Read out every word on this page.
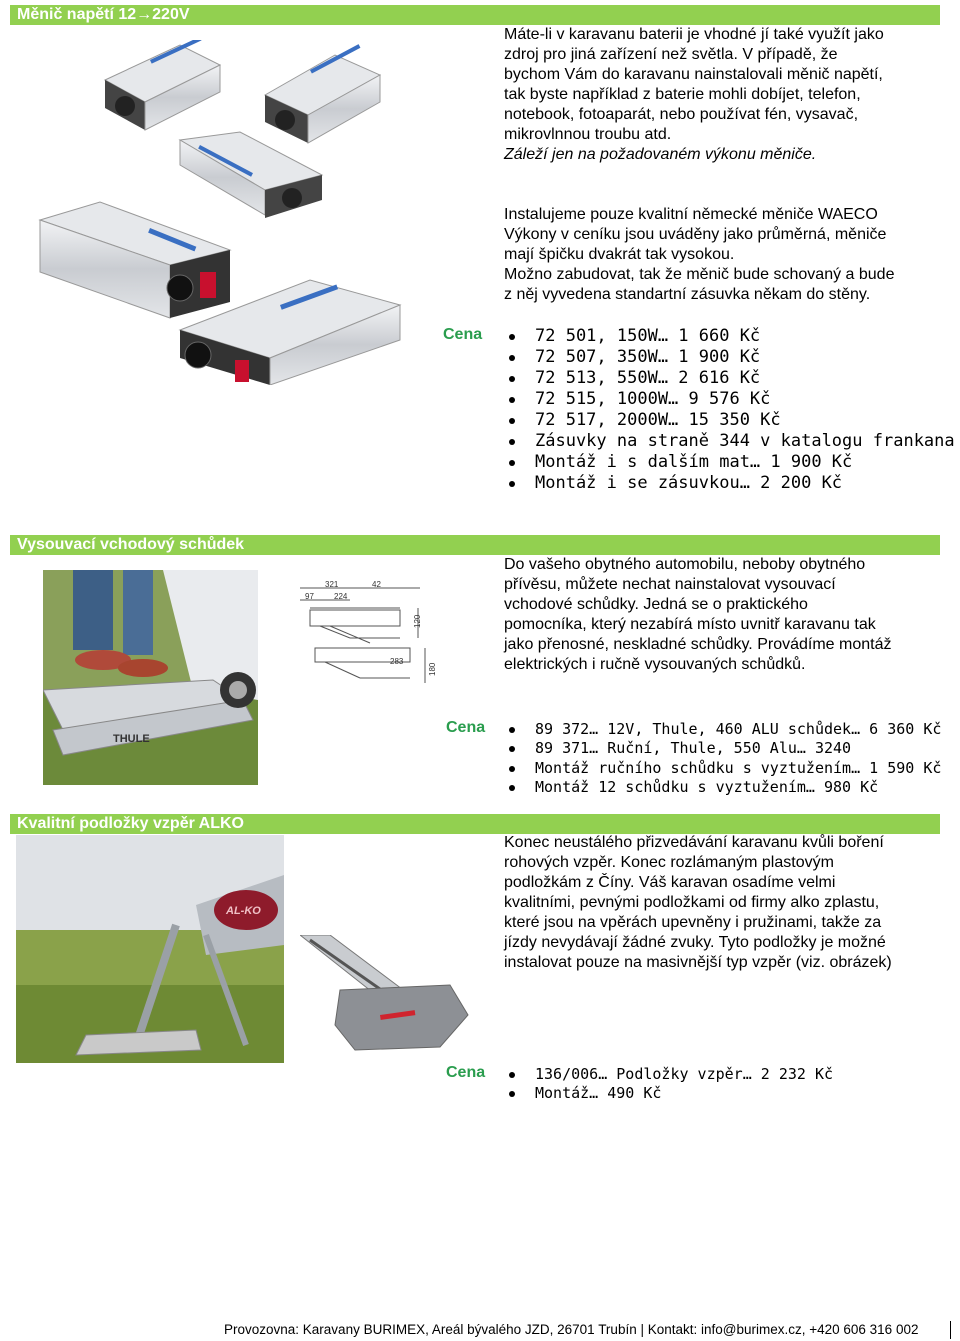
Měnič napětí 12→220V

Máte-li v karavanu baterii je vhodné jí také využít jako

zdroj pro jiná zařízení než světla. V případě, že

bychom Vám do karavanu nainstalovali měnič napětí,

tak byste například z baterie mohli dobíjet, telefon,

notebook, fotoaparát, nebo používat fén, vysavač,

mikrovlnnou troubu atd.

Záleží jen na požadovaném výkonu měniče.

Instalujeme pouze kvalitní německé měniče WAECO

Výkony v ceníku jsou uváděny jako průměrná, měniče

mají špičku dvakrát tak vysokou.

Možno zabudovat, tak že měnič bude schovaný a bude

z něj vyvedena standartní zásuvka někam do stěny.

Cena	72 501, 150W… 1 660 Kč
72 507, 350W… 1 900 Kč
72 513, 550W… 2 616 Kč
72 515, 1000W… 9 576 Kč
72 517, 2000W… 15 350 Kč
Zásuvky na straně 344 v katalogu frankana
Montáž i s dalším mat… 1 900 Kč
Montáž i se zásuvkou… 2 200 Kč
Vysouvací vchodový schůdek
THULE
321	42
97	224
120
283
180

Do vašeho obytného automobilu, neboby obytného

přívěsu, můžete nechat nainstalovat vysouvací

vchodové schůdky. Jedná se o praktického

pomocníka, který nezabírá místo uvnitř karavanu tak

jako přenosné, neskladné schůdky. Provádíme montáž

elektrických i ručně vysouvaných schůdků.

Cena	89 372… 12V, Thule, 460 ALU schůdek… 6 360 Kč
89 371… Ruční, Thule, 550 Alu… 3240
Montáž ručního schůdku s vyztužením… 1 590 Kč
Montáž 12 schůdku s vyztužením… 980 Kč
Kvalitní podložky vzpěr ALKO
AL-KO

Konec neustálého přizvedávání karavanu kvůli boření

rohových vzpěr. Konec rozlámaným plastovým

podložkám z Číny. Váš karavan osadíme velmi

kvalitními, pevnými podložkami od firmy alko zplastu,

které jsou na vpěrách upevněny i pružinami, takže za

jízdy nevydávají žádné zvuky. Tyto podložky je možné

instalovat pouze na masivnější typ vzpěr (viz. obrázek)

Cena	136/006… Podložky vzpěr… 2 232 Kč
Montáž… 490 Kč
Provozovna: Karavany BURIMEX, Areál bývalého JZD, 26701 Trubín | Kontakt: info@burimex.cz, +420 606 316 002
